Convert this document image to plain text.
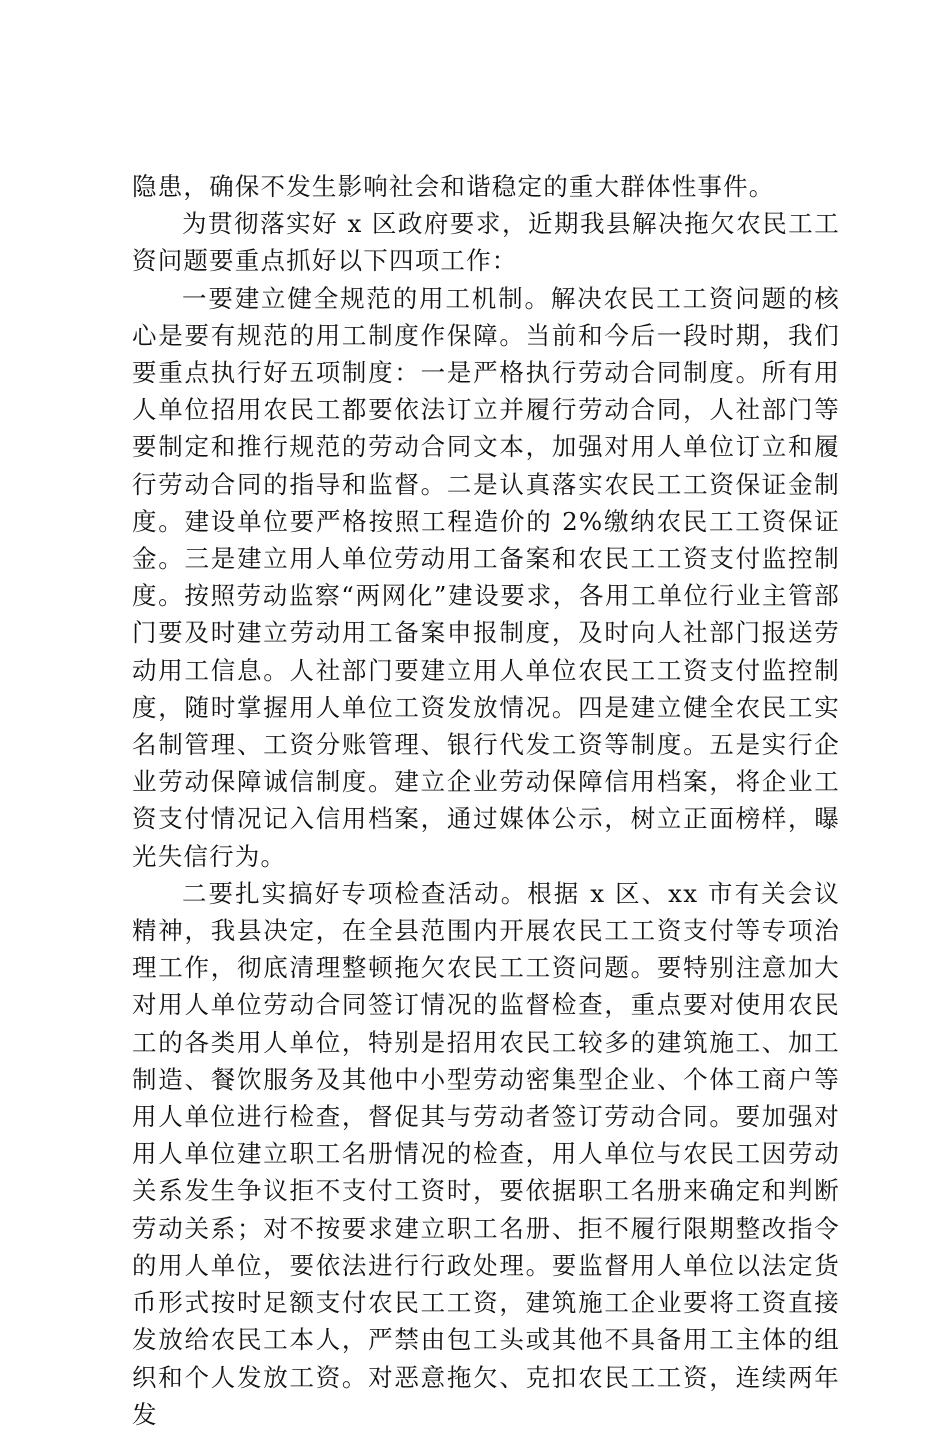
隐患，确保不发生影响社会和谐稳定的重大群体性事件。

为贯彻落实好 x 区政府要求，近期我县解决拖欠农民工工资问题要重点抓好以下四项工作：

一要建立健全规范的用工机制。解决农民工工资问题的核心是要有规范的用工制度作保障。当前和今后一段时期，我们要重点执行好五项制度：一是严格执行劳动合同制度。所有用人单位招用农民工都要依法订立并履行劳动合同，人社部门等要制定和推行规范的劳动合同文本，加强对用人单位订立和履行劳动合同的指导和监督。二是认真落实农民工工资保证金制度。建设单位要严格按照工程造价的 2%缴纳农民工工资保证金。三是建立用人单位劳动用工备案和农民工工资支付监控制度。按照劳动监察“两网化”建设要求，各用工单位行业主管部门要及时建立劳动用工备案申报制度，及时向人社部门报送劳动用工信息。人社部门要建立用人单位农民工工资支付监控制度，随时掌握用人单位工资发放情况。四是建立健全农民工实名制管理、工资分账管理、银行代发工资等制度。五是实行企业劳动保障诚信制度。建立企业劳动保障信用档案，将企业工资支付情况记入信用档案，通过媒体公示，树立正面榜样，曝光失信行为。

二要扎实搞好专项检查活动。根据 x 区、xx 市有关会议精神，我县决定，在全县范围内开展农民工工资支付等专项治理工作，彻底清理整顿拖欠农民工工资问题。要特别注意加大对用人单位劳动合同签订情况的监督检查，重点要对使用农民工的各类用人单位，特别是招用农民工较多的建筑施工、加工制造、餐饮服务及其他中小型劳动密集型企业、个体工商户等用人单位进行检查，督促其与劳动者签订劳动合同。要加强对用人单位建立职工名册情况的检查，用人单位与农民工因劳动关系发生争议拒不支付工资时，要依据职工名册来确定和判断劳动关系；对不按要求建立职工名册、拒不履行限期整改指令的用人单位，要依法进行行政处理。要监督用人单位以法定货币形式按时足额支付农民工工资，建筑施工企业要将工资直接发放给农民工本人，严禁由包工头或其他不具备用工主体的组织和个人发放工资。对恶意拖欠、克扣农民工工资，连续两年发
